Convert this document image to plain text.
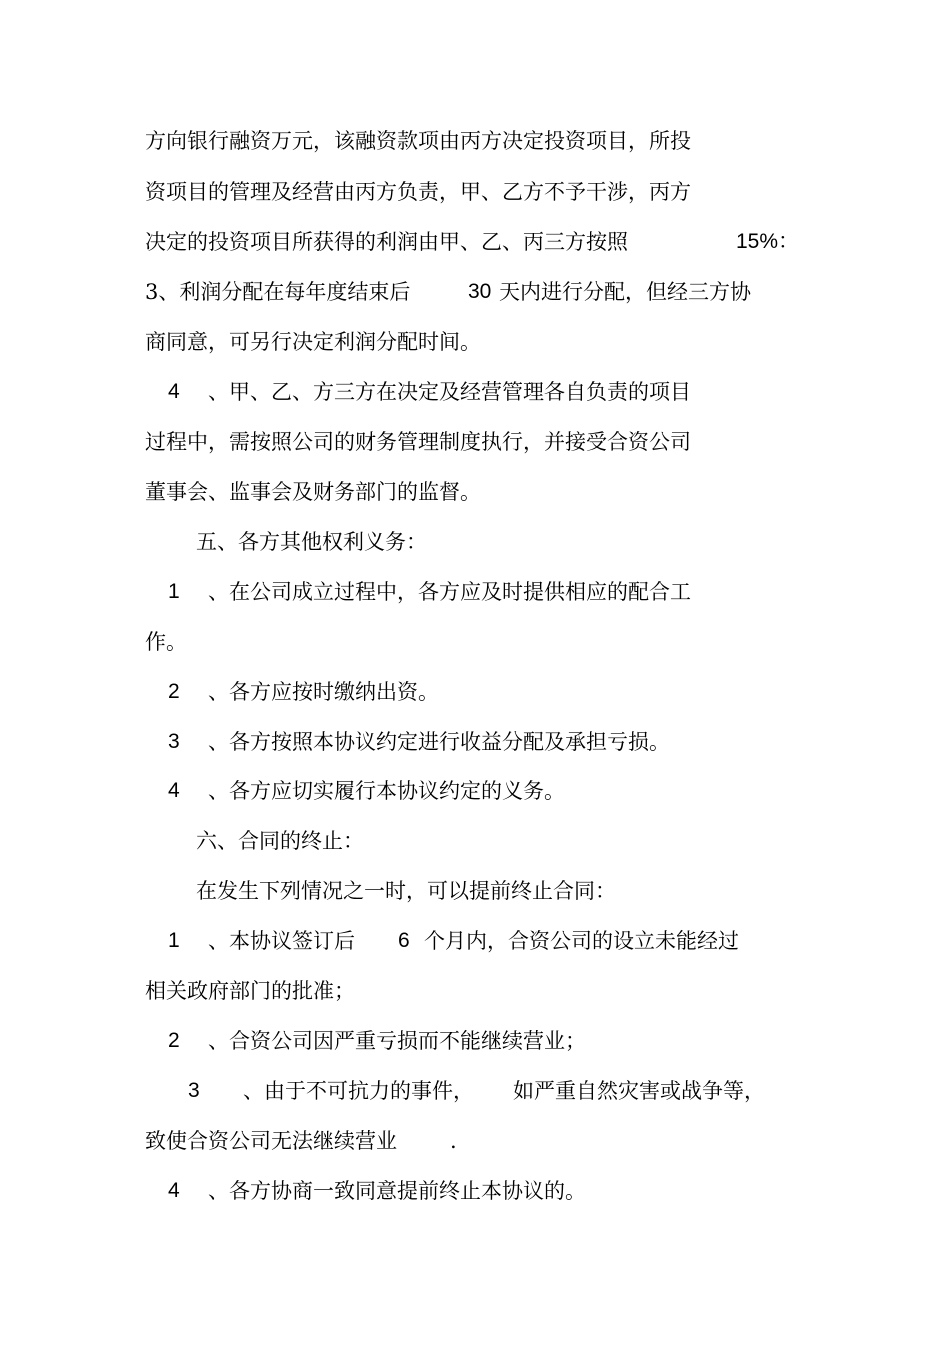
方向银行融资万元，该融资款项由丙方决定投资项目，所投
资项目的管理及经营由丙方负责，甲、乙方不予干涉，丙方
决定的投资项目所获得的利润由甲、乙、丙三方按照	15%：
3、利润分配在每年度结束后	30 天内进行分配，但经三方协
商同意，可另行决定利润分配时间。
4 、甲、乙、方三方在决定及经营管理各自负责的项目
过程中，需按照公司的财务管理制度执行，并接受合资公司
董事会、监事会及财务部门的监督。
五、各方其他权利义务：
1 、在公司成立过程中，各方应及时提供相应的配合工
作。
2 、各方应按时缴纳出资。
3 、各方按照本协议约定进行收益分配及承担亏损。
4 、各方应切实履行本协议约定的义务。
六、合同的终止：
在发生下列情况之一时，可以提前终止合同：
1 、本协议签订后 6 个月内，合资公司的设立未能经过
相关政府部门的批准；
2 、合资公司因严重亏损而不能继续营业；
3 、由于不可抗力的事件， 如严重自然灾害或战争等，
致使合资公司无法继续营业	.
4 、各方协商一致同意提前终止本协议的。
